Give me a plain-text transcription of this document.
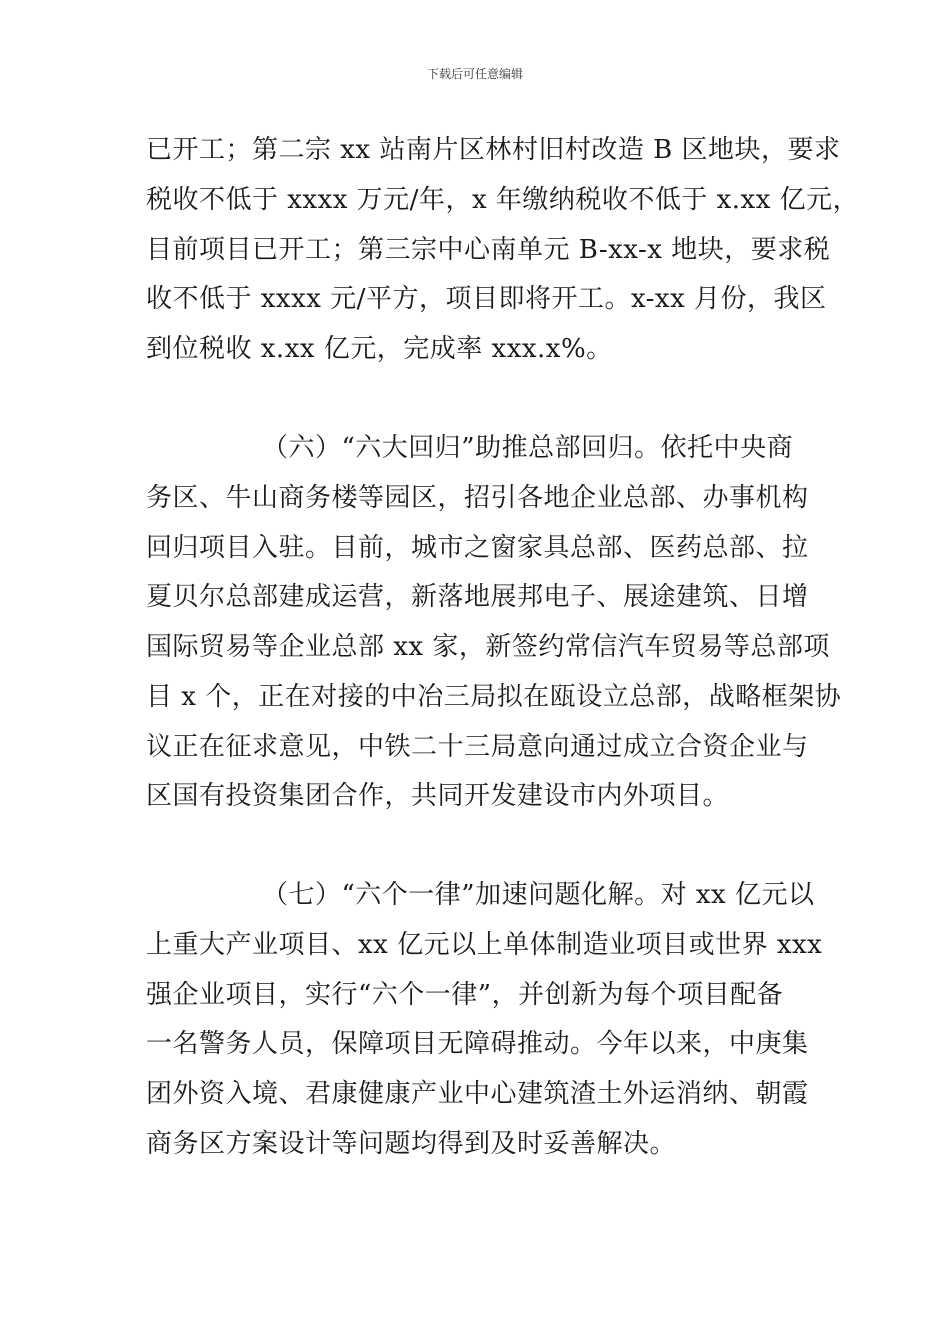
下载后可任意编辑
已开工；第二宗 xx 站南片区林村旧村改造 B 区地块，要求
税收不低于 xxxx 万元/年，x 年缴纳税收不低于 x.xx 亿元，
目前项目已开工；第三宗中心南单元 B-xx-x 地块，要求税
收不低于 xxxx 元/平方，项目即将开工。x-xx 月份，我区
到位税收 x.xx 亿元，完成率 xxx.x%。
（六）“六大回归”助推总部回归。依托中央商
务区、牛山商务楼等园区，招引各地企业总部、办事机构
回归项目入驻。目前，城市之窗家具总部、医药总部、拉
夏贝尔总部建成运营，新落地展邦电子、展途建筑、日增
国际贸易等企业总部 xx 家，新签约常信汽车贸易等总部项
目 x 个，正在对接的中冶三局拟在瓯设立总部，战略框架协
议正在征求意见，中铁二十三局意向通过成立合资企业与
区国有投资集团合作，共同开发建设市内外项目。
（七）“六个一律”加速问题化解。对 xx 亿元以
上重大产业项目、xx 亿元以上单体制造业项目或世界 xxx
强企业项目，实行“六个一律”，并创新为每个项目配备
一名警务人员，保障项目无障碍推动。今年以来，中庚集
团外资入境、君康健康产业中心建筑渣土外运消纳、朝霞
商务区方案设计等问题均得到及时妥善解决。
